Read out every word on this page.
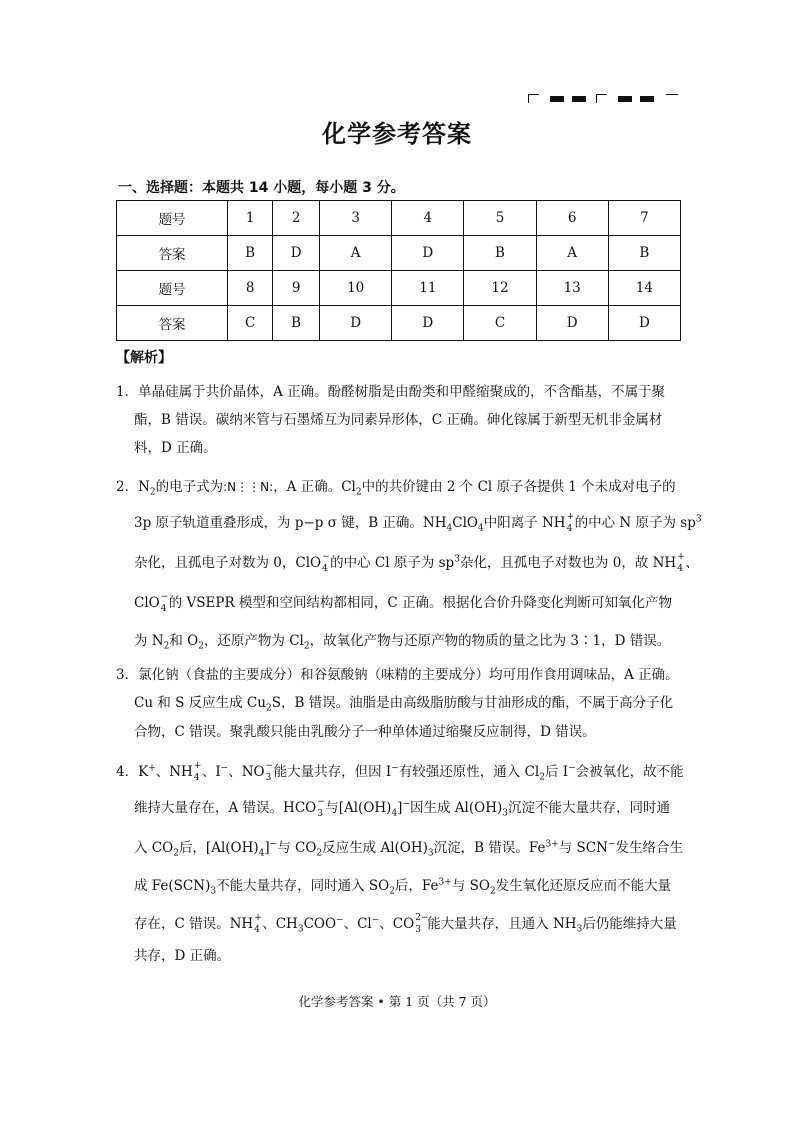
化学参考答案
一、选择题：本题共 14 小题，每小题 3 分。
题号	1	2	3	4	5	6	7
答案	B	D	A	D	B	A	B
题号	8	9	10	11	12	13	14
答案	C	B	D	D	C	D	D
【解析】
1．单晶硅属于共价晶体，A 正确。酚醛树脂是由酚类和甲醛缩聚成的，不含酯基，不属于聚
酯，B 错误。碳纳米管与石墨烯互为同素异形体，C 正确。砷化镓属于新型无机非金属材
料，D 正确。
2．$N_2$的电子式为:N⋮⋮N:，A 正确。$Cl_2$中的共价键由 2 个 Cl 原子各提供 1 个未成对电子的
3p 原子轨道重叠形成，为 p−p σ 键，B 正确。$NH_4ClO_4$中阳离子 NH +
4 的中心 N 原子为 $sp^3$
杂化，且孤电子对数为 0，ClO −
4 的中心 Cl 原子为 $sp^3$杂化，且孤电子对数也为 0，故 NH +
4 、
ClO −
4 的 VSEPR 模型和空间结构都相同，C 正确。根据化合价升降变化判断可知氧化产物
为 $N_2$和 $O_2$，还原产物为 $Cl_2$，故氧化产物与还原产物的物质的量之比为 3∶1，D 错误。
3．氯化钠（食盐的主要成分）和谷氨酸钠（味精的主要成分）均可用作食用调味品，A 正确。
Cu 和 S 反应生成 $Cu_2S$，B 错误。油脂是由高级脂肪酸与甘油形成的酯，不属于高分子化
合物，C 错误。聚乳酸只能由乳酸分子一种单体通过缩聚反应制得，D 错误。
4．K+、NH +
4 、I−、NO −
3 能大量共存，但因 I−有较强还原性，通入 $Cl_2$后 I−会被氧化，故不能
维持大量存在，A 错误。HCO −
3 与$[Al(OH)_4]^-$因生成 $Al(OH)_3$沉淀不能大量共存，同时通
入 $CO_2$后，$[Al(OH)_4]^-$与 $CO_2$反应生成 $Al(OH)_3$沉淀，B 错误。$Fe^{3+}$与 SCN−发生络合生
成 $Fe(SCN)_3$不能大量共存，同时通入 $SO_2$后，$Fe^{3+}$与 $SO_2$发生氧化还原反应而不能大量
存在，C 错误。NH +
4 、$CH_3COO^-$、Cl−、CO 2−
3 能大量共存，且通入 $NH_3$后仍能维持大量
共存，D 正确。
化学参考答案 • 第 1 页（共 7 页）
